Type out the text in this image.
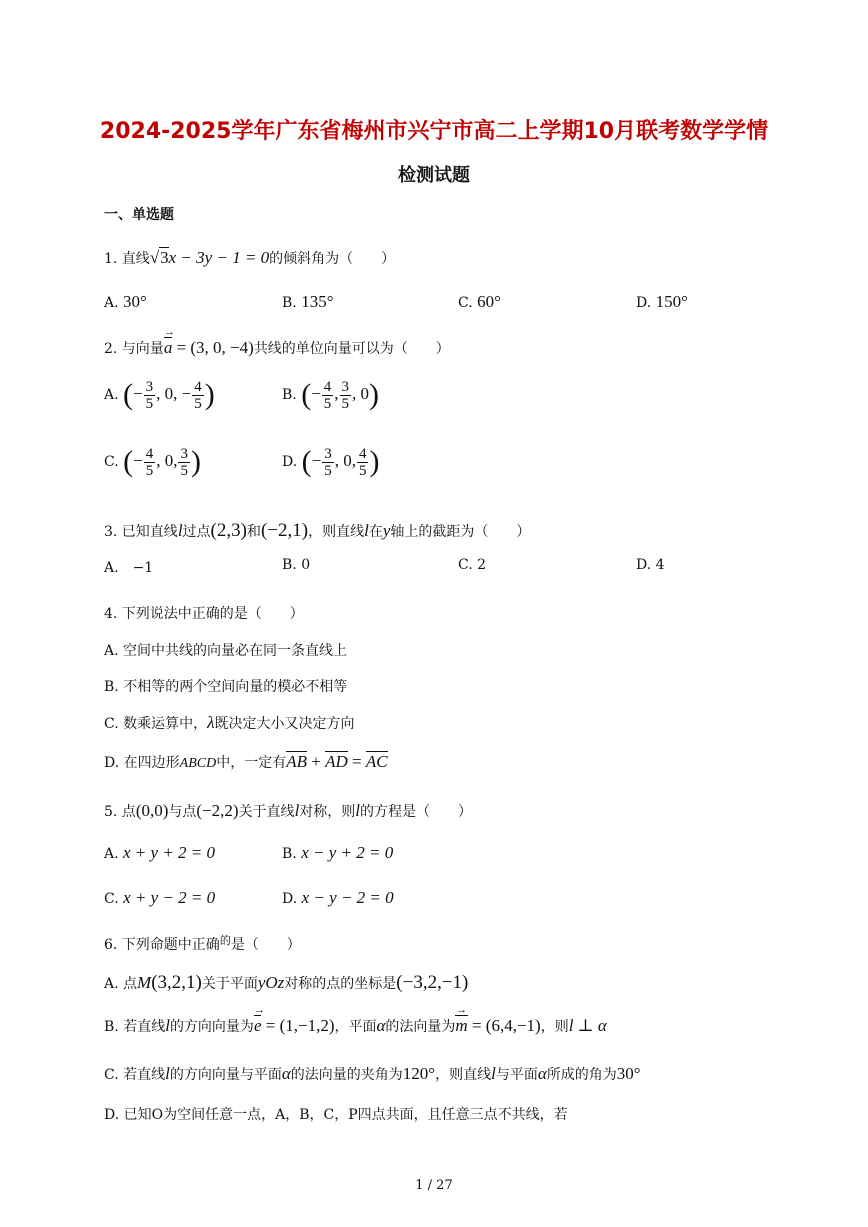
2024-2025学年广东省梅州市兴宁市高二上学期10月联考数学学情
检测试题
一、单选题
1. 直线√3x − 3y − 1 = 0的倾斜角为（　　）
A. 30°	B. 135°	C. 60°	D. 150°
2. 与向量a → = (3, 0, −4)共线的单位向量可以为（　　）
A. (− $\frac{3}{5}$ , 0, − $\frac{4}{5}$ )	B. (− $\frac{4}{5}$ , $\frac{3}{5}$ , 0)
C. (− $\frac{4}{5}$ , 0, $\frac{3}{5}$ )	D. (− $\frac{3}{5}$ , 0, $\frac{4}{5}$ )
3. 已知直线l过点(2,3)和(−2,1)，则直线l在y轴上的截距为（　　）
A.　 −1	B. 0	C. 2	D. 4
4. 下列说法中正确的是（　　）
A. 空间中共线的向量必在同一条直线上
B. 不相等的两个空间向量的模必不相等
C. 数乘运算中，λ既决定大小又决定方向
D. 在四边形ABCD中，一定有AB + AD = AC
5. 点(0,0)与点(−2,2)关于直线l对称，则l的方程是（　　）
A. x + y + 2 = 0	B. x − y + 2 = 0
C. x + y − 2 = 0	D. x − y − 2 = 0
6. 下列命题中正确$^的$是（　　）
A. 点M(3,2,1)关于平面yOz对称的点的坐标是(−3,2,−1)
B. 若直线l的方向向量为e → = (1,−1,2)，平面α的法向量为m → = (6,4,−1)，则l ⊥ α
C. 若直线l的方向向量与平面α的法向量的夹角为120°，则直线l与平面α所成的角为30°
D. 已知O为空间任意一点，A，B，C，P四点共面，且任意三点不共线，若
1 / 27
